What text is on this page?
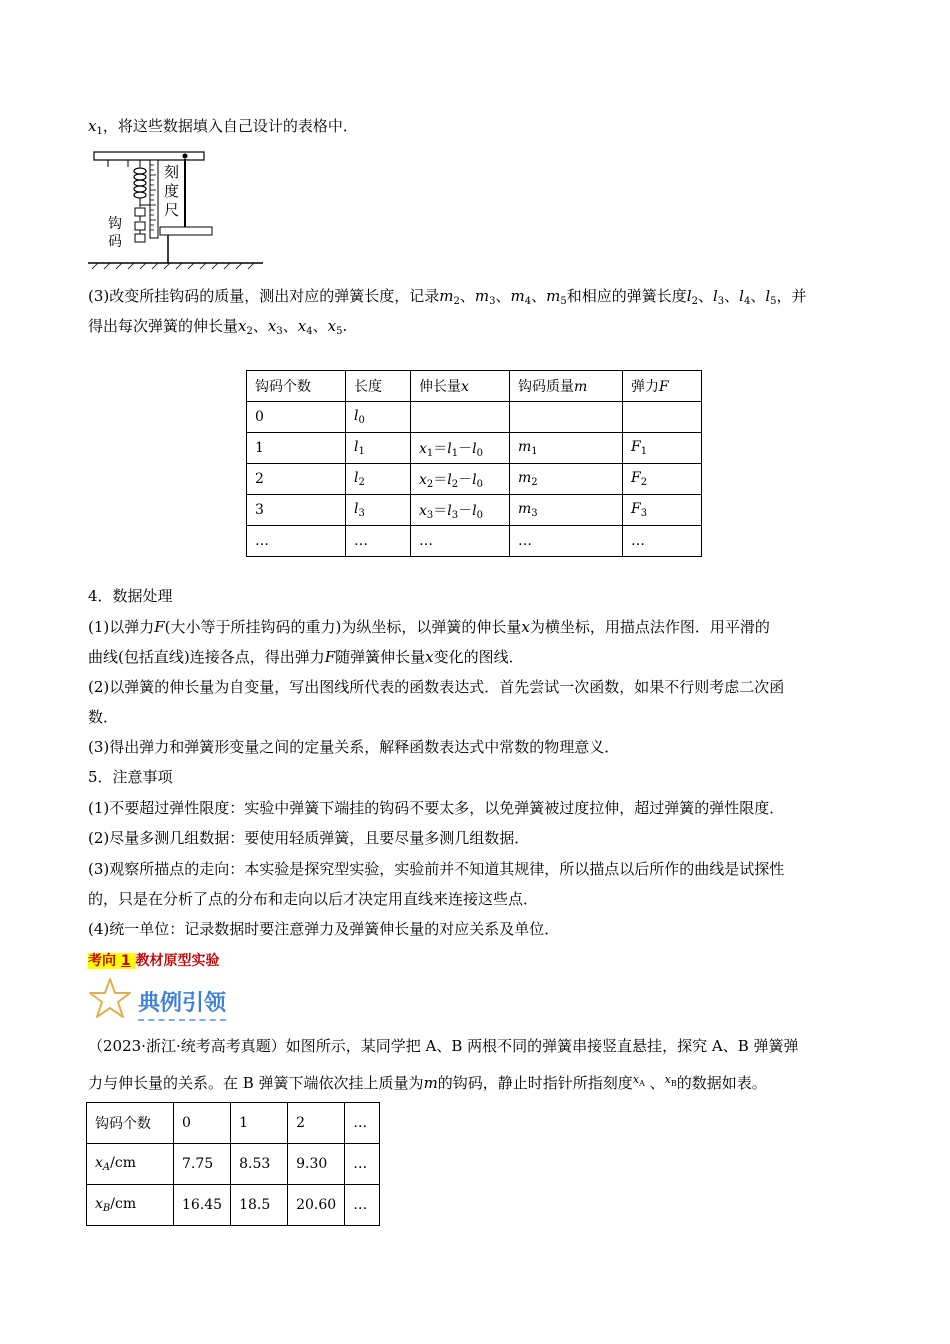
$x_1$，将这些数据填入自己设计的表格中．
刻度尺
钩码
(3)改变所挂钩码的质量，测出对应的弹簧长度，记录$m_2$、$m_3$、$m_4$、$m_5$和相应的弹簧长度$l_2$、$l_3$、$l_4$、$l_5$，并
得出每次弹簧的伸长量$x_2$、$x_3$、$x_4$、$x_5$.
钩码个数	长度	伸长量x	钩码质量m	弹力F
0	$l_0$			
1	$l_1$	$x_1=l_1-l_0$	$m_1$	$F_1$
2	$l_2$	$x_2=l_2-l_0$	$m_2$	$F_2$
3	$l_3$	$x_3=l_3-l_0$	$m_3$	$F_3$
…	…	…	…	…
4．数据处理
(1)以弹力F(大小等于所挂钩码的重力)为纵坐标，以弹簧的伸长量x为横坐标，用描点法作图．用平滑的
曲线(包括直线)连接各点，得出弹力F随弹簧伸长量x变化的图线．
(2)以弹簧的伸长量为自变量，写出图线所代表的函数表达式．首先尝试一次函数，如果不行则考虑二次函
数．
(3)得出弹力和弹簧形变量之间的定量关系，解释函数表达式中常数的物理意义．
5．注意事项
(1)不要超过弹性限度：实验中弹簧下端挂的钩码不要太多，以免弹簧被过度拉伸，超过弹簧的弹性限度．
(2)尽量多测几组数据：要使用轻质弹簧，且要尽量多测几组数据．
(3)观察所描点的走向：本实验是探究型实验，实验前并不知道其规律，所以描点以后所作的曲线是试探性
的，只是在分析了点的分布和走向以后才决定用直线来连接这些点．
(4)统一单位：记录数据时要注意弹力及弹簧伸长量的对应关系及单位．
考向 1 教材原型实验
典例引领
（2023·浙江·统考高考真题）如图所示，某同学把 A、B 两根不同的弹簧串接竖直悬挂，探究 A、B 弹簧弹
力与伸长量的关系。在 B 弹簧下端依次挂上质量为m的钩码，静止时指针所指刻度$^{x_A}$ 、$^{x_B}$的数据如表。
钩码个数	0	1	2	…
$x_A/cm$	7.75	8.53	9.30	…
$x_B/cm$	16.45	18.5	20.60	…
